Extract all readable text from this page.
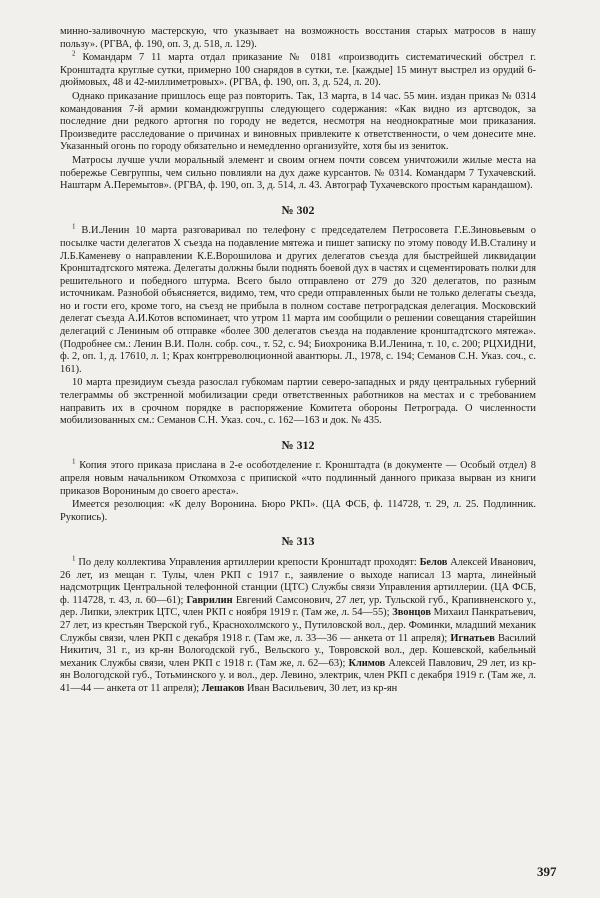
минно-заливочную мастерскую, что указывает на возможность восстания старых матросов в нашу пользу». (РГВА, ф. 190, оп. 3, д. 518, л. 129).

$^2$ Командарм 7 11 марта отдал приказание № 0181 «производить систематический обстрел г. Кронштадта круглые сутки, примерно 100 снарядов в сутки, т.е. [каждые] 15 минут выстрел из орудий 6-дюймовых, 48 и 42-миллиметровых». (РГВА, ф. 190, оп. 3, д. 524, л. 20).

Однако приказание пришлось еще раз повторить. Так, 13 марта, в 14 час. 55 мин. издан приказ № 0314 командования 7-й армии командюжгруппы следующего содержания: «Как видно из артсводок, за последние дни редкого артогня по городу не ведется, несмотря на неоднократные мои приказания. Произведите расследование о причинах и виновных привлеките к ответственности, о чем донесите мне. Указанный огонь по городу обязательно и немедленно организуйте, хотя бы из зениток.

Матросы лучше учли моральный элемент и своим огнем почти совсем уничтожили жилые места на побережье Севгруппы, чем сильно повлияли на дух даже курсантов. № 0314. Командарм 7 Тухачевский. Наштарм А.Перемытов». (РГВА, ф. 190, оп. 3, д. 514, л. 43. Автограф Тухачевского простым карандашом).

№ 302

$^1$ В.И.Ленин 10 марта разговаривал по телефону с председателем Петросовета Г.Е.Зиновьевым о посылке части делегатов X съезда на подавление мятежа и пишет записку по этому поводу И.В.Сталину и Л.Б.Каменеву о направлении К.Е.Ворошилова и других делегатов съезда для быстрейшей ликвидации Кронштадтского мятежа. Делегаты должны были поднять боевой дух в частях и сцементировать полки для решительного и победного штурма. Всего было отправлено от 279 до 320 делегатов, по разным источникам. Разнобой объясняется, видимо, тем, что среди отправленных были не только делегаты съезда, но и гости его, кроме того, на съезд не прибыла в полном составе петроградская делегация. Московский делегат съезда А.И.Котов вспоминает, что утром 11 марта им сообщили о решении совещания старейшин делегаций с Лениным об отправке «более 300 делегатов съезда на подавление кронштадтского мятежа». (Подробнее см.: Ленин В.И. Полн. собр. соч., т. 52, с. 94; Биохроника В.И.Ленина, т. 10, с. 200; РЦХИДНИ, ф. 2, оп. 1, д. 17610, л. 1; Крах контрреволюционной авантюры. Л., 1978, с. 194; Семанов С.Н. Указ. соч., с. 161).

10 марта президиум съезда разослал губкомам партии северо-западных и ряду центральных губерний телеграммы об экстренной мобилизации среди ответственных работников на местах и с требованием направить их в срочном порядке в распоряжение Комитета обороны Петрограда. О численности мобилизованных см.: Семанов С.Н. Указ. соч., с. 162—163 и док. № 435.

№ 312

$^1$ Копия этого приказа прислана в 2-е особотделение г. Кронштадта (в документе — Особый отдел) 8 апреля новым начальником Откомхоза с припиской «что подлинный данного приказа вырван из книги приказов Ворониным до своего ареста».

Имеется резолюция: «К делу Воронина. Бюро РКП». (ЦА ФСБ, ф. 114728, т. 29, л. 25. Подлинник. Рукопись).

№ 313

$^1$ По делу коллектива Управления артиллерии крепости Кронштадт проходят: Белов Алексей Иванович, 26 лет, из мещан г. Тулы, член РКП с 1917 г., заявление о выходе написал 13 марта, линейный надсмотрщик Центральной телефонной станции (ЦТС) Службы связи Управления артиллерии. (ЦА ФСБ, ф. 114728, т. 43, л. 60—61); Гаврилин Евгений Самсонович, 27 лет, ур. Тульской губ., Крапивненского у., дер. Липки, электрик ЦТС, член РКП с ноября 1919 г. (Там же, л. 54—55); Звонцов Михаил Панкратьевич, 27 лет, из крестьян Тверской губ., Краснохолмского у., Путиловской вол., дер. Фоминки, младший механик Службы связи, член РКП с декабря 1918 г. (Там же, л. 33—36 — анкета от 11 апреля); Игнатьев Василий Никитич, 31 г., из кр-ян Вологодской губ., Вельского у., Товровской вол., дер. Кошевской, кабельный механик Службы связи, член РКП с 1918 г. (Там же, л. 62—63); Климов Алексей Павлович, 29 лет, из кр-ян Вологодской губ., Тотьминского у. и вол., дер. Левино, электрик, член РКП с декабря 1919 г. (Там же, л. 41—44 — анкета от 11 апреля); Лешаков Иван Васильевич, 30 лет, из кр-ян

397
